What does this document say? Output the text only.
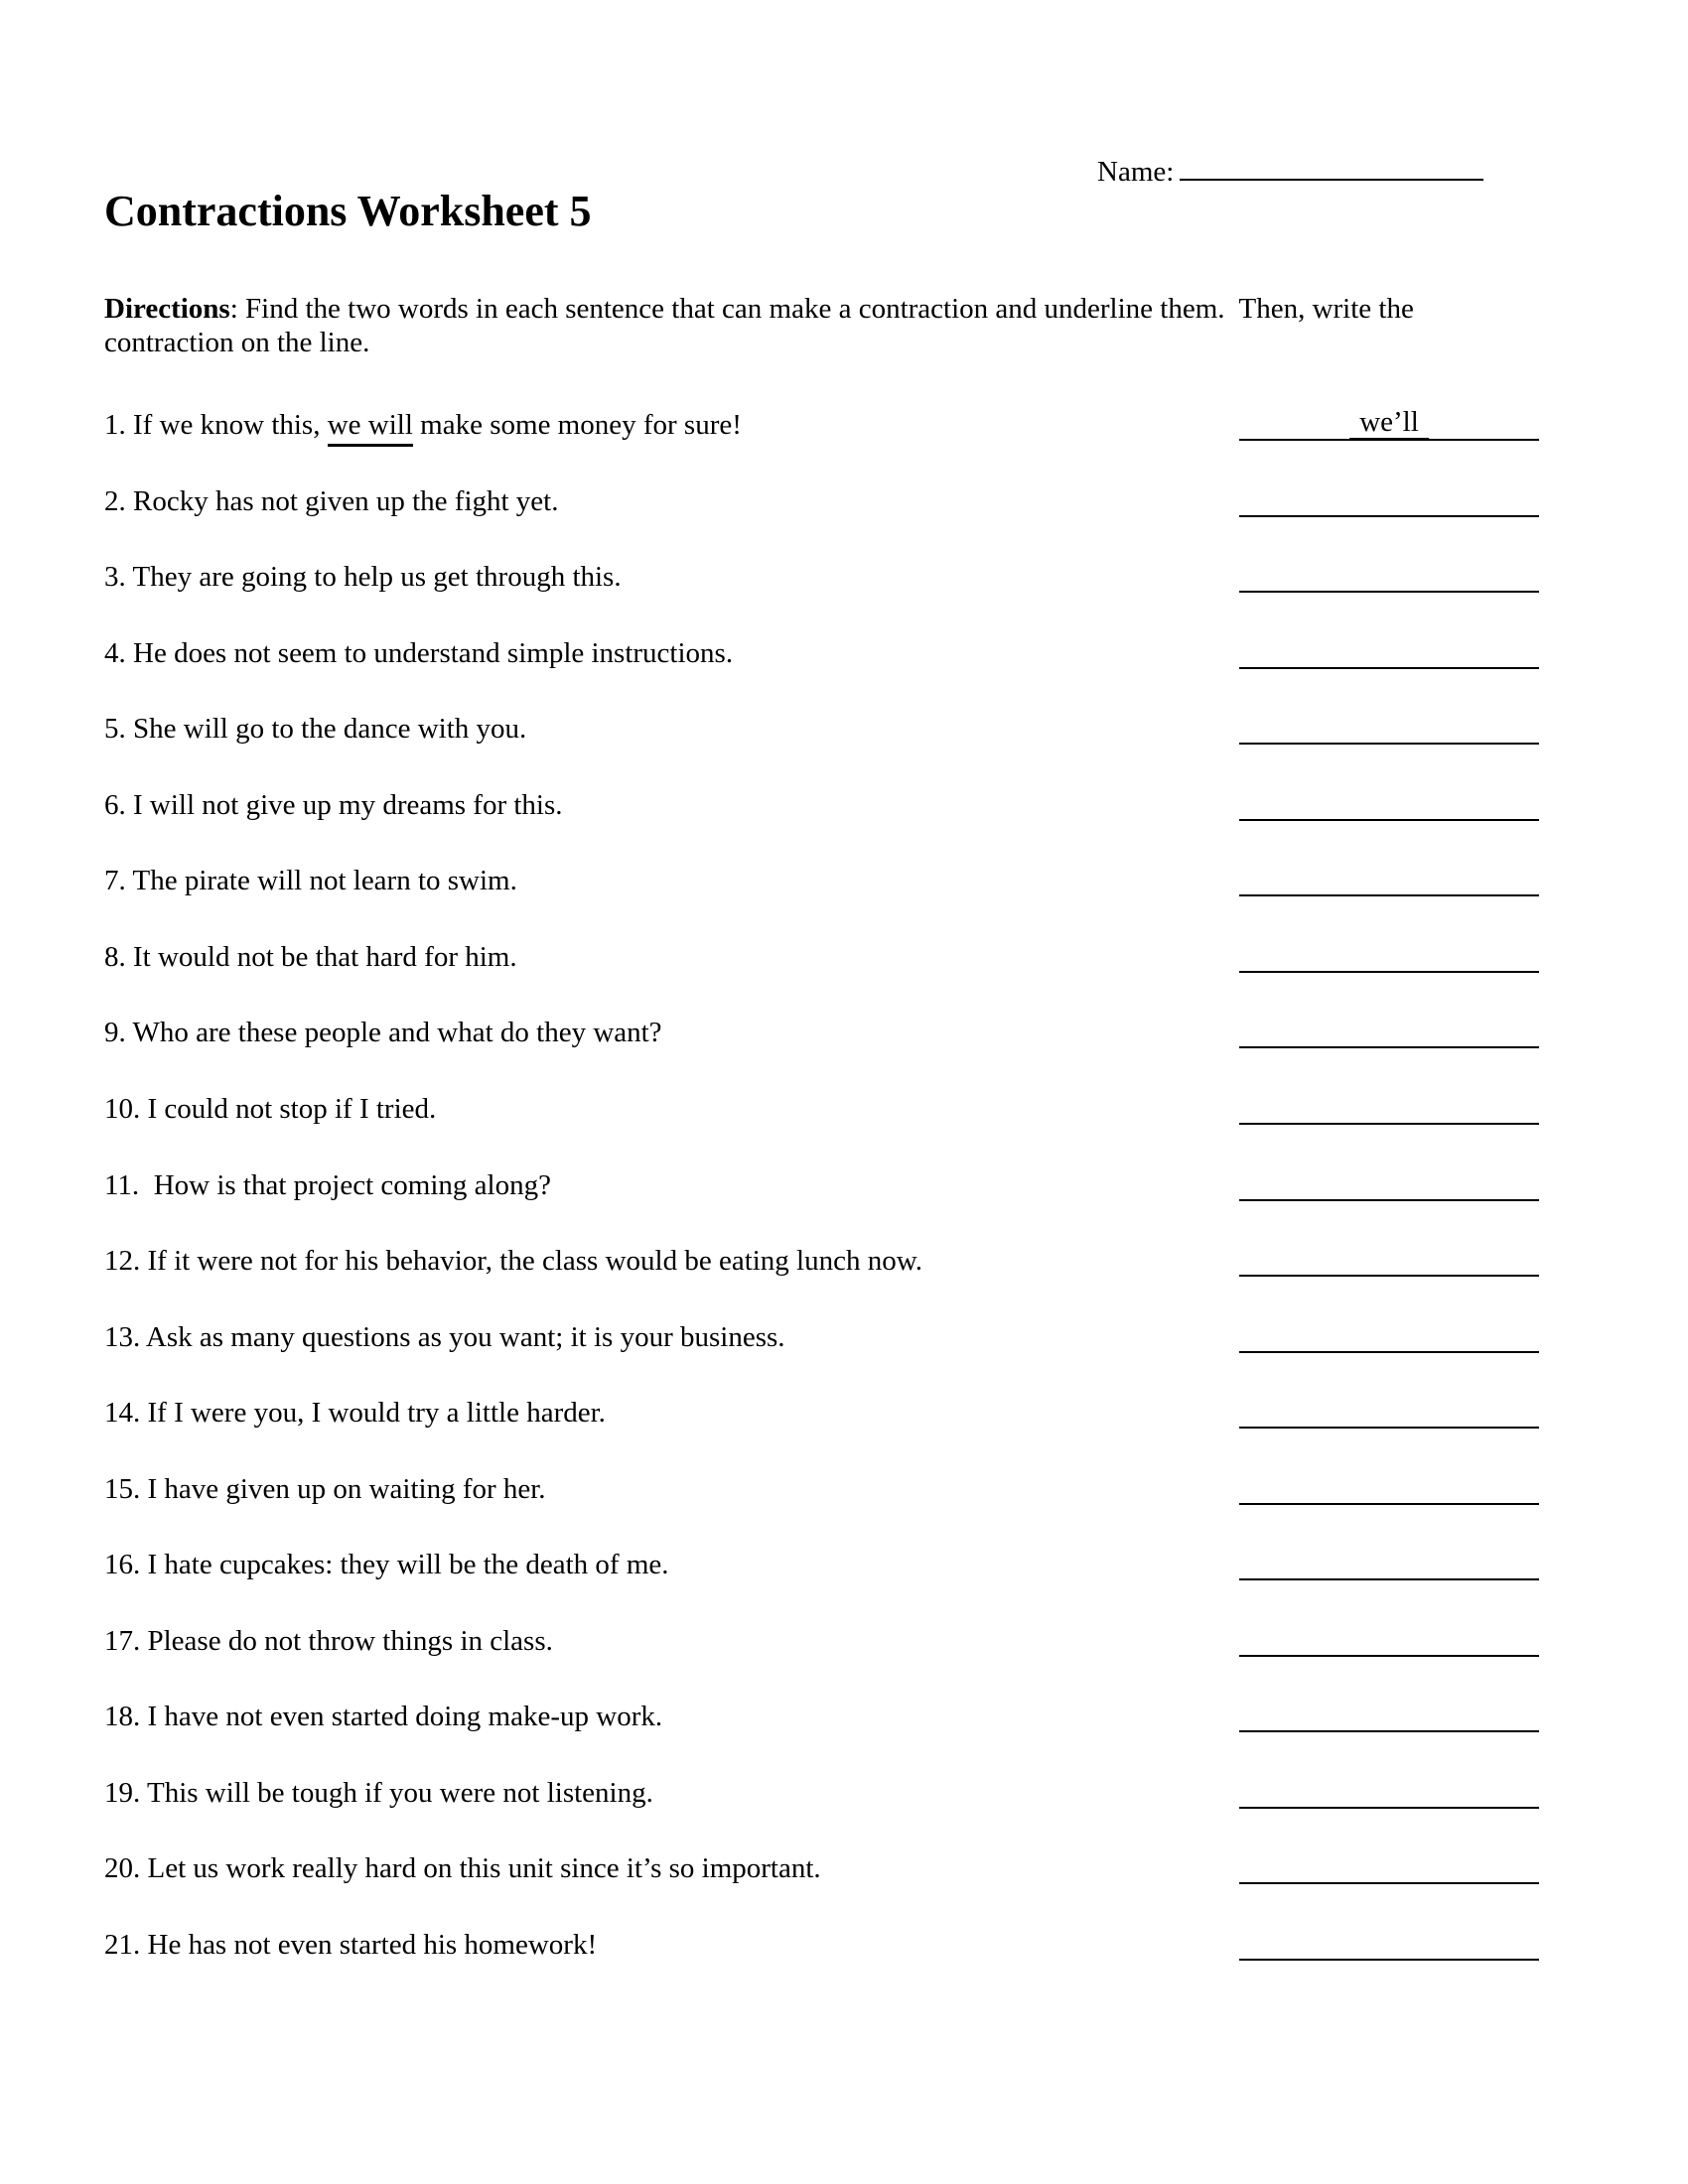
Name:
Contractions Worksheet 5

Directions: Find the two words in each sentence that can make a contraction and underline them.  Then, write the contraction on the line.

1. If we know this, we will make some money for sure!	we’ll
2. Rocky has not given up the fight yet.
3. They are going to help us get through this.
4. He does not seem to understand simple instructions.
5. She will go to the dance with you.
6. I will not give up my dreams for this.
7. The pirate will not learn to swim.
8. It would not be that hard for him.
9. Who are these people and what do they want?
10. I could not stop if I tried.
11.  How is that project coming along?
12. If it were not for his behavior, the class would be eating lunch now.
13. Ask as many questions as you want; it is your business.
14. If I were you, I would try a little harder.
15. I have given up on waiting for her.
16. I hate cupcakes: they will be the death of me.
17. Please do not throw things in class.
18. I have not even started doing make-up work.
19. This will be tough if you were not listening.
20. Let us work really hard on this unit since it’s so important.
21. He has not even started his homework!
